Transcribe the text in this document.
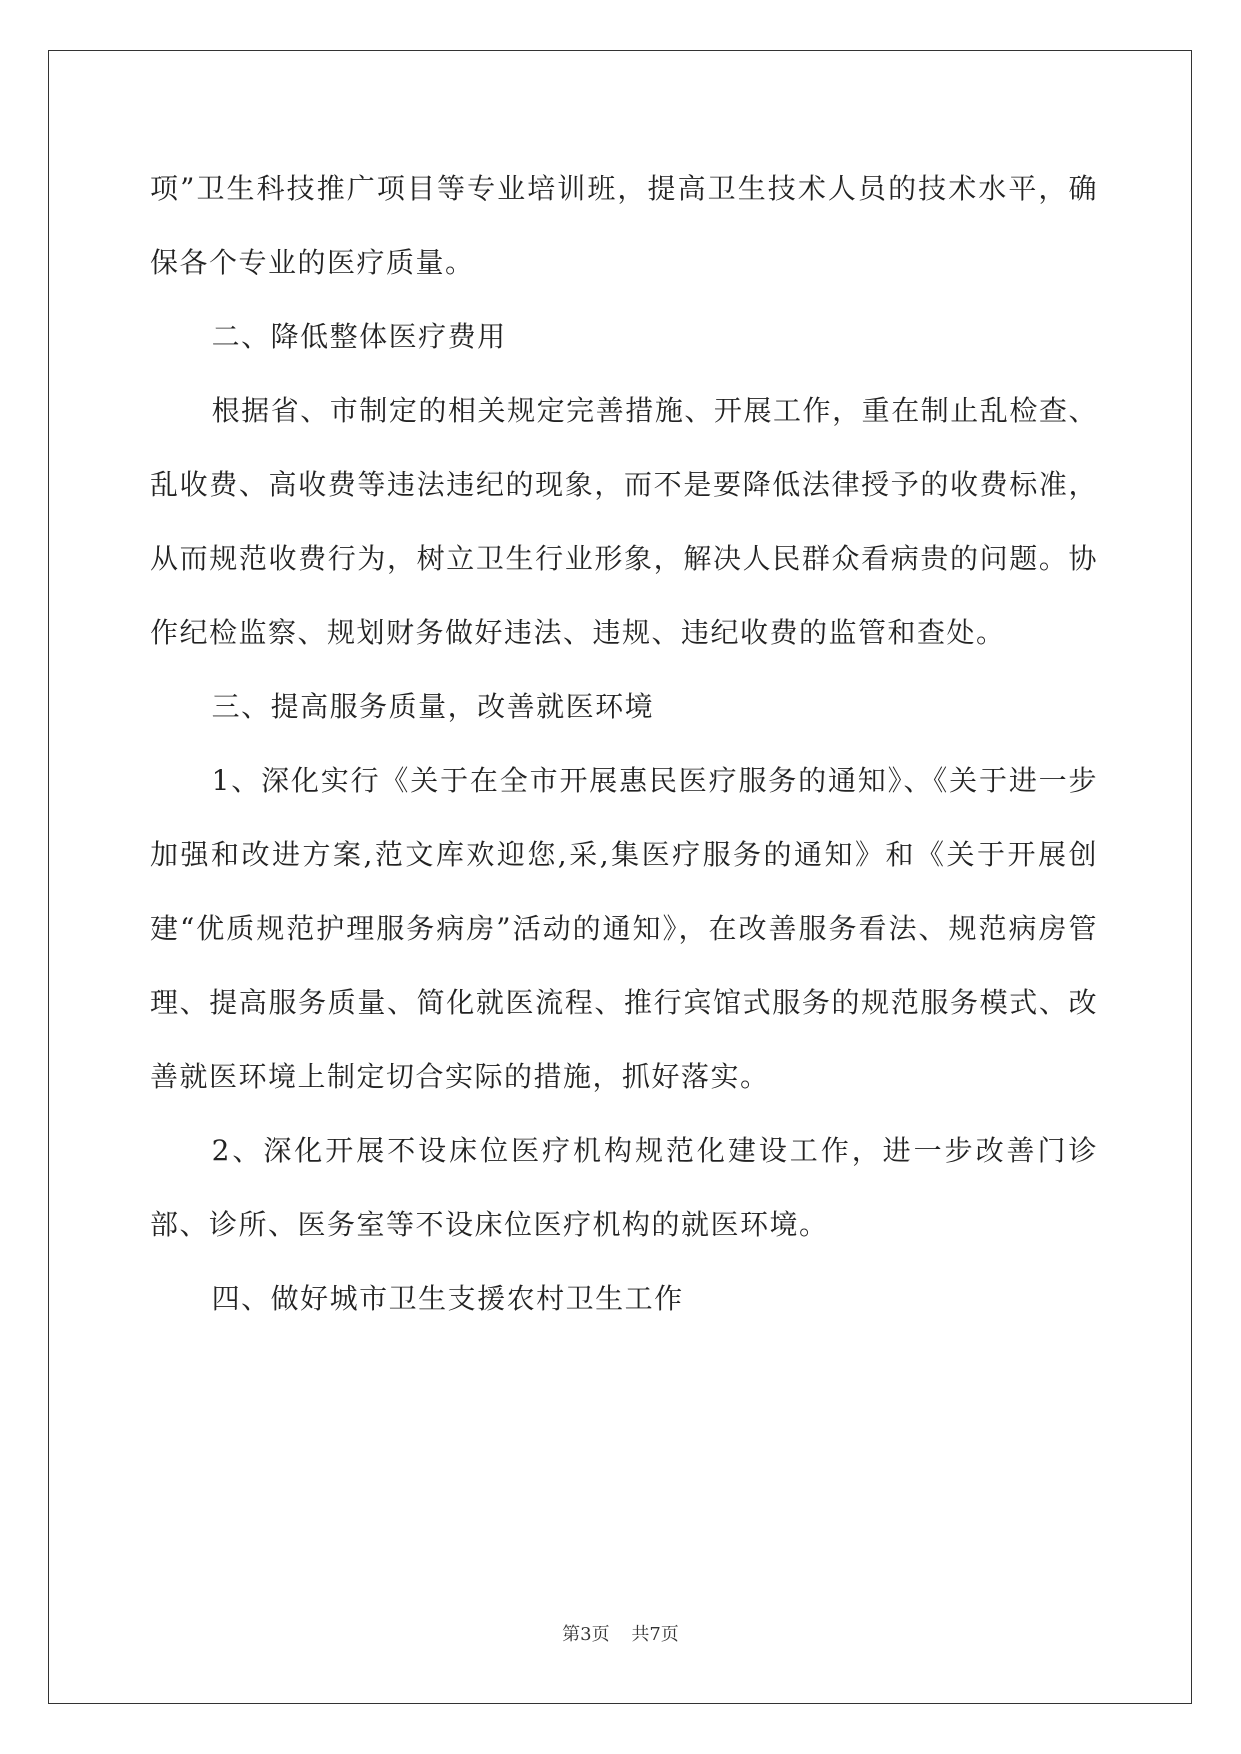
项”卫生科技推广项目等专业培训班，提高卫生技术人员的技术水平，确保各个专业的医疗质量。

二、降低整体医疗费用

根据省、市制定的相关规定完善措施、开展工作，重在制止乱检查、乱收费、高收费等违法违纪的现象，而不是要降低法律授予的收费标准，从而规范收费行为，树立卫生行业形象，解决人民群众看病贵的问题。协作纪检监察、规划财务做好违法、违规、违纪收费的监管和查处。

三、提高服务质量，改善就医环境

1、深化实行《关于在全市开展惠民医疗服务的通知》、《关于进一步加强和改进方案,范文库欢迎您,采,集医疗服务的通知》和《关于开展创建“优质规范护理服务病房”活动的通知》，在改善服务看法、规范病房管理、提高服务质量、简化就医流程、推行宾馆式服务的规范服务模式、改善就医环境上制定切合实际的措施，抓好落实。

2、深化开展不设床位医疗机构规范化建设工作，进一步改善门诊部、诊所、医务室等不设床位医疗机构的就医环境。

四、做好城市卫生支援农村卫生工作

第3页 共7页
